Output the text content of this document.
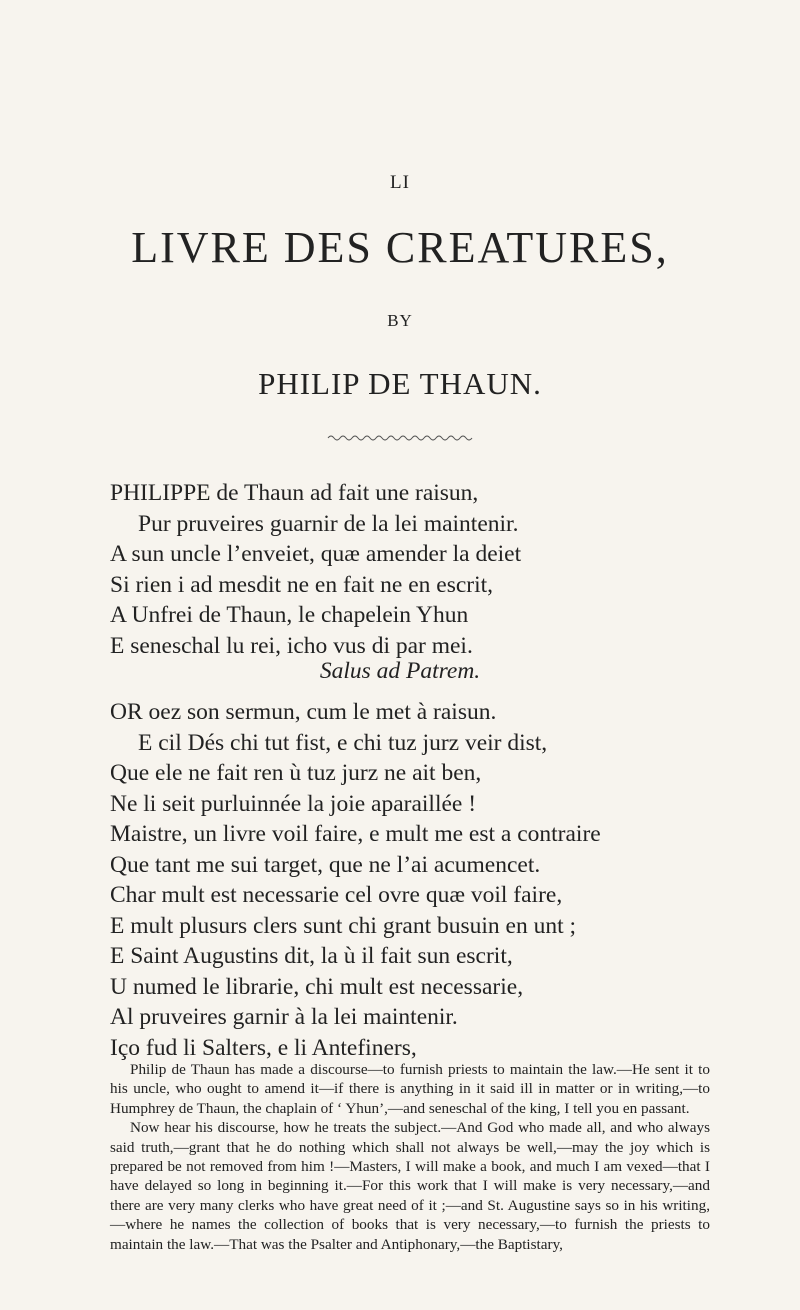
LI
LIVRE DES CREATURES,
BY
PHILIP DE THAUN.
PHILIPPE de Thaun ad fait une raisun,
Pur pruveires guarnir de la lei maintenir.
A sun uncle l’enveiet, quæ amender la deiet
Si rien i ad mesdit ne en fait ne en escrit,
A Unfrei de Thaun, le chapelein Yhun
E seneschal lu rei, icho vus di par mei.
Salus ad Patrem.
OR oez son sermun, cum le met à raisun.
E cil Dés chi tut fist, e chi tuz jurz veir dist,
Que ele ne fait ren ù tuz jurz ne ait ben,
Ne li seit purluinnée la joie aparaillée !
Maistre, un livre voil faire, e mult me est a contraire
Que tant me sui target, que ne l’ai acumencet.
Char mult est necessarie cel ovre quæ voil faire,
E mult plusurs clers sunt chi grant busuin en unt ;
E Saint Augustins dit, la ù il fait sun escrit,
U numed le librarie, chi mult est necessarie,
Al pruveires garnir à la lei maintenir.
Içо fud li Salters, e li Antefiners,

Philip de Thaun has made a discourse—to furnish priests to maintain the law.—He sent it to his uncle, who ought to amend it—if there is anything in it said ill in matter or in writing,—to Humphrey de Thaun, the chaplain of ‘ Yhun’,—and seneschal of the king, I tell you en passant.

Now hear his discourse, how he treats the subject.—And God who made all, and who always said truth,—grant that he do nothing which shall not always be well,—may the joy which is prepared be not removed from him !—Masters, I will make a book, and much I am vexed—that I have delayed so long in beginning it.—For this work that I will make is very necessary,—and there are very many clerks who have great need of it ;—and St. Augustine says so in his writing,—where he names the collection of books that is very necessary,—to furnish the priests to maintain the law.—That was the Psalter and Antiphonary,—the Baptistary,
